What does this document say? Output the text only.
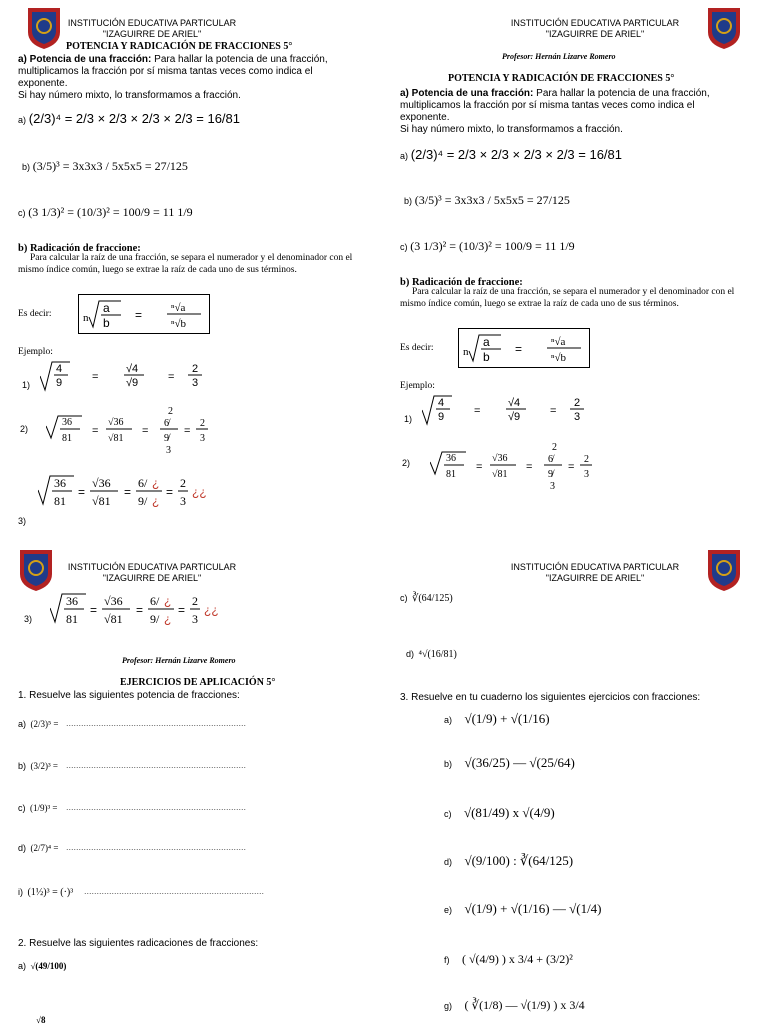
INSTITUCIÓN EDUCATIVA PARTICULAR
"IZAGUIRRE DE ARIEL"
POTENCIA Y RADICACIÓN DE FRACCIONES 5°
a) Potencia de una fracción: Para hallar la potencia de una fracción, multiplicamos la fracción por sí misma tantas veces como indica el exponente.
Si hay número mixto, lo transformamos a fracción.
a) (2/3)⁴ = 2/3 × 2/3 × 2/3 × 2/3 = 16/81
b) (3/5)³ = 3x3x3 / 5x5x5 = 27/125
c) (3 1/3)² = (10/3)² = 100/9 = 11 1/9
b) Radicación de fraccione:
Para calcular la raíz de una fracción, se separa el numerador y el denominador con el mismo índice común, luego se extrae la raíz de cada uno de sus términos.
Es decir:	n
a
b
=	ⁿ√a
ⁿ√b
Ejemplo:
1)
4
9	=
√4
√9	=
2
3
2)
36
81
=
√36
√81
=
2
6̸
9̸
3
=
2
3
36
81
=
√36
√81
=
6/ ¿
9/ ¿
=
2
3
¿¿
3)
INSTITUCIÓN EDUCATIVA PARTICULAR
"IZAGUIRRE DE ARIEL"
Profesor: Hernán Lizarve Romero
POTENCIA Y RADICACIÓN DE FRACCIONES 5°
a) Potencia de una fracción: Para hallar la potencia de una fracción, multiplicamos la fracción por sí misma tantas veces como indica el exponente.
Si hay número mixto, lo transformamos a fracción.
a) (2/3)⁴ = 2/3 × 2/3 × 2/3 × 2/3 = 16/81
b) (3/5)³ = 3x3x3 / 5x5x5 = 27/125
c) (3 1/3)² = (10/3)² = 100/9 = 11 1/9
b) Radicación de fraccione:
Para calcular la raíz de una fracción, se separa el numerador y el denominador con el mismo índice común, luego se extrae la raíz de cada uno de sus términos.
Es decir:	n
a
b
=	ⁿ√a
ⁿ√b
Ejemplo:
1)
4
9	=
√4
√9	=
2
3
2)	36
81
=
√36
√81
=
2
6̸
9̸
3
=
2
3
INSTITUCIÓN EDUCATIVA PARTICULAR
"IZAGUIRRE DE ARIEL"
3)
36
81
=
√36
√81
=
6/ ¿
9/ ¿
=
2
3
¿¿
Profesor: Hernán Lizarve Romero
EJERCICIOS DE APLICACIÓN 5°
1. Resuelve las siguientes potencia de fracciones:
a) (2/3)⁵ = ........................................................................
b) (3/2)³ = ........................................................................
c) (1/9)³ = ........................................................................
d) (2/7)⁴ = ........................................................................
i) (1½)³ = (·)³ ........................................................................
2. Resuelve las siguientes radicaciones de fracciones:
a) √(49/100)
√8
INSTITUCIÓN EDUCATIVA PARTICULAR
"IZAGUIRRE DE ARIEL"
c) ∛(64/125)
d) ⁴√(16/81)
3. Resuelve en tu cuaderno los siguientes ejercicios con fracciones:
a) √(1/9) + √(1/16)
b) √(36/25) — √(25/64)
c) √(81/49) x √(4/9)
d) √(9/100) : ∛(64/125)
e) √(1/9) + √(1/16) — √(1/4)
f) ( √(4/9) ) x 3/4 + (3/2)²
g) ( ∛(1/8) — √(1/9) ) x 3/4
